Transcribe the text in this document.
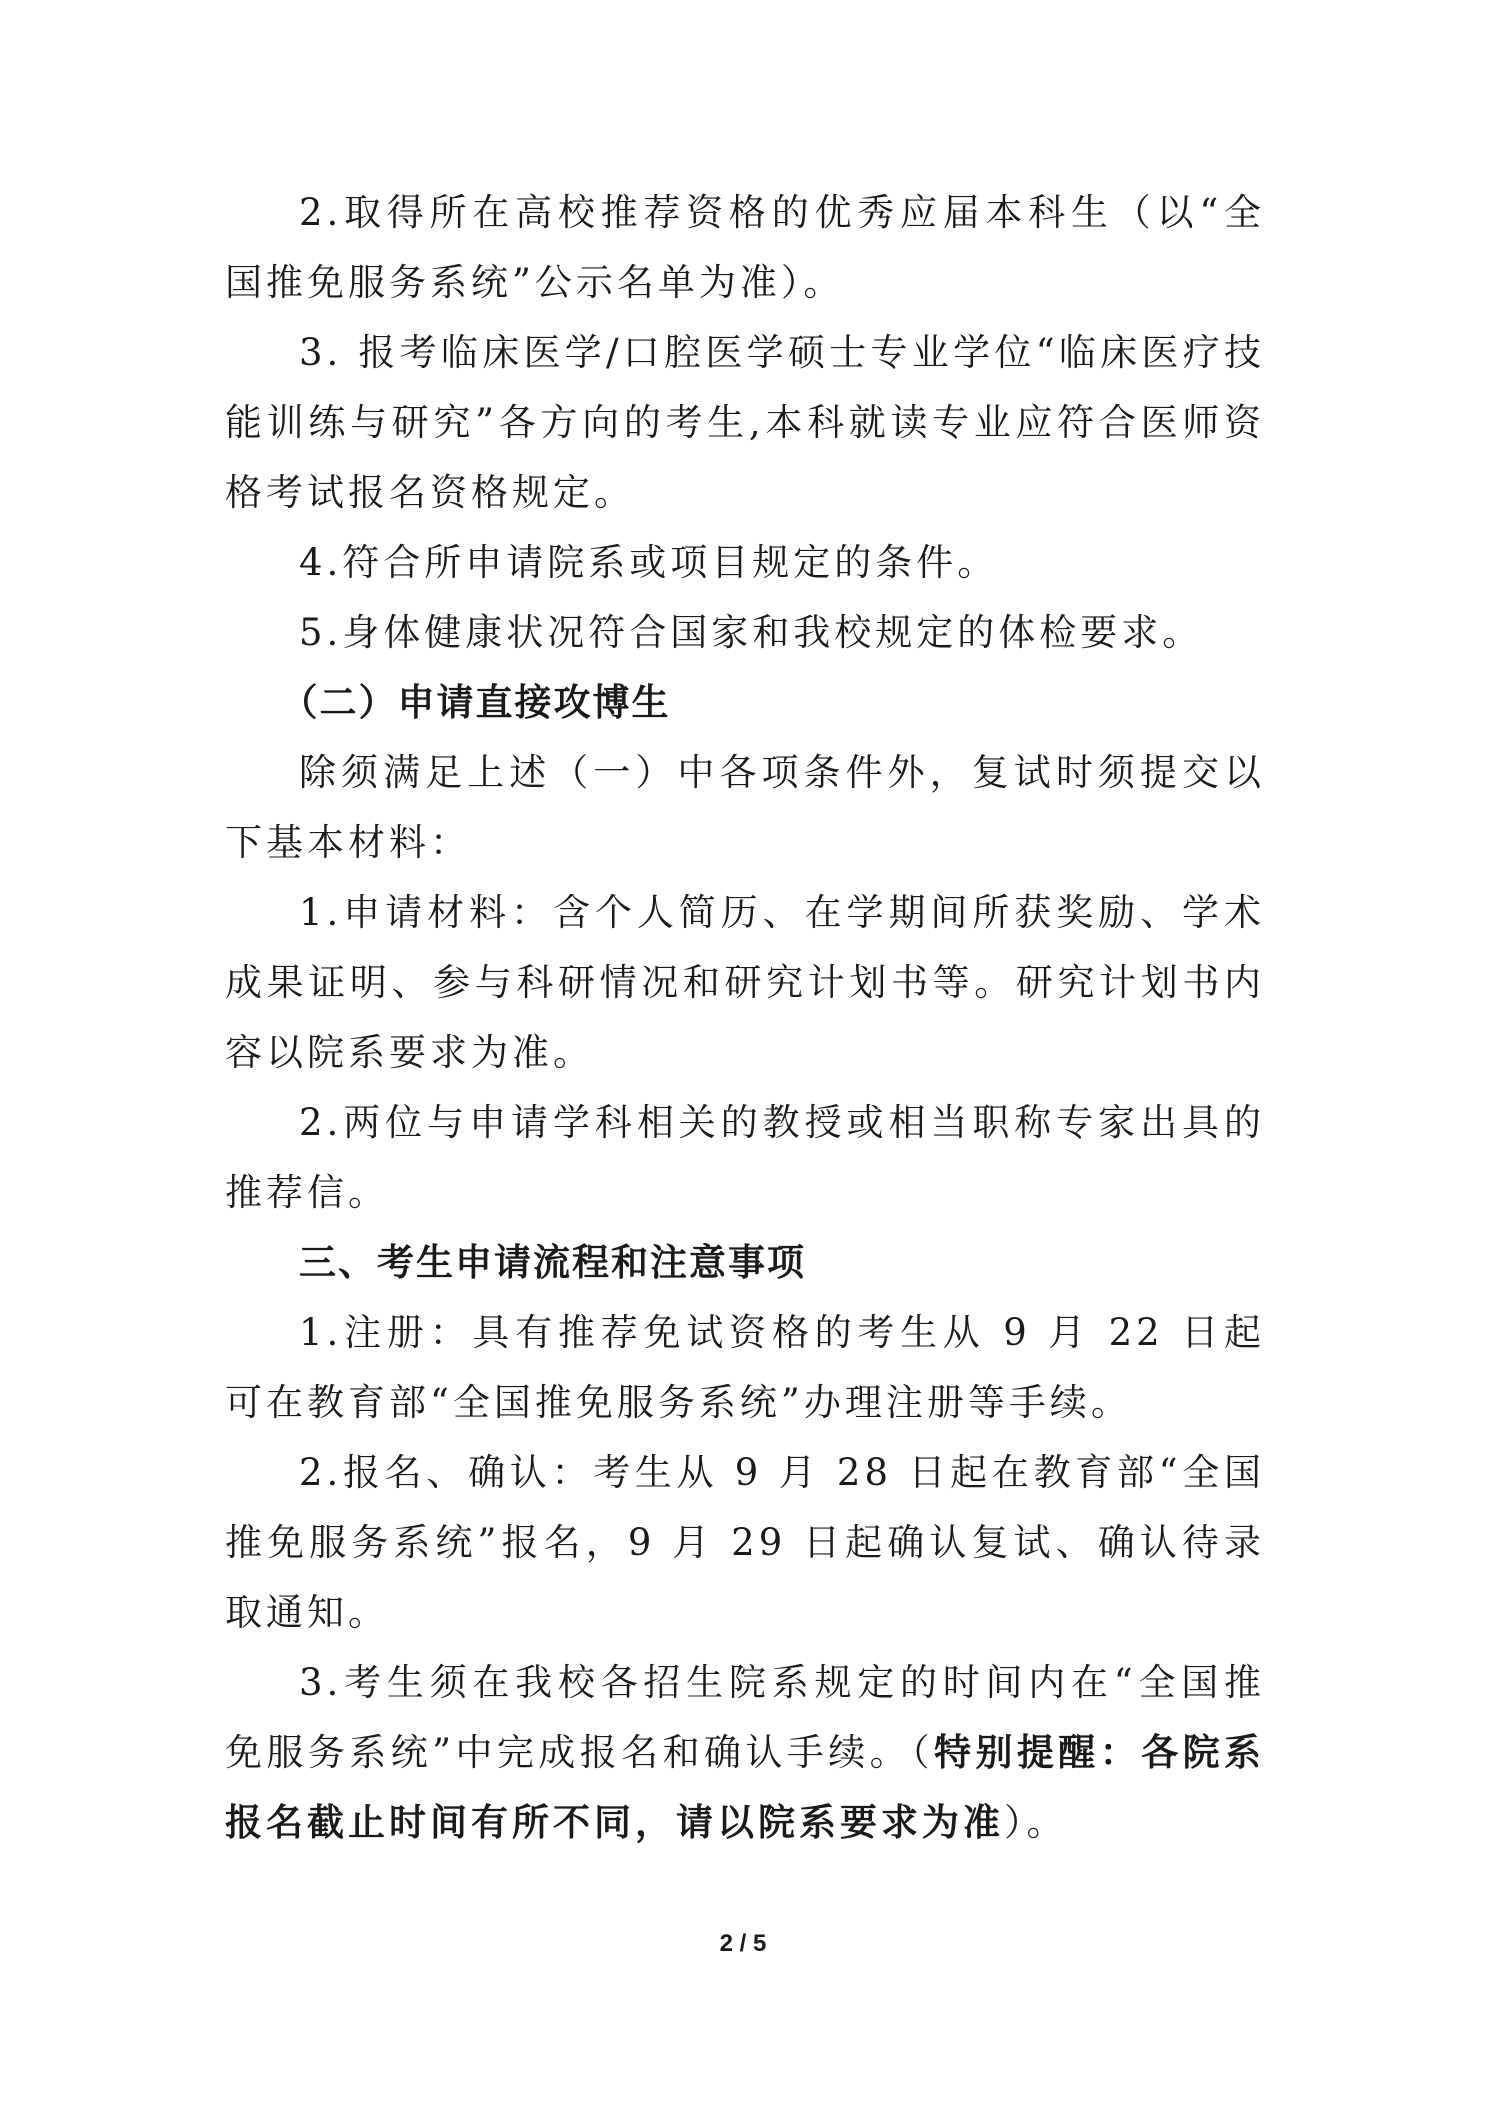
2.取得所在高校推荐资格的优秀应届本科生（以“全国推免服务系统”公示名单为准）。

3. 报考临床医学/口腔医学硕士专业学位“临床医疗技能训练与研究”各方向的考生,本科就读专业应符合医师资格考试报名资格规定。

4.符合所申请院系或项目规定的条件。

5.身体健康状况符合国家和我校规定的体检要求。

（二）申请直接攻博生

除须满足上述（一）中各项条件外，复试时须提交以下基本材料：

1.申请材料：含个人简历、在学期间所获奖励、学术成果证明、参与科研情况和研究计划书等。研究计划书内容以院系要求为准。

2.两位与申请学科相关的教授或相当职称专家出具的推荐信。

三、考生申请流程和注意事项

1.注册：具有推荐免试资格的考生从 9 月 22 日起可在教育部“全国推免服务系统”办理注册等手续。

2.报名、确认：考生从 9 月 28 日起在教育部“全国推免服务系统”报名，9 月 29 日起确认复试、确认待录取通知。

3.考生须在我校各招生院系规定的时间内在“全国推免服务系统”中完成报名和确认手续。（特别提醒：各院系报名截止时间有所不同，请以院系要求为准）。

2 / 5
